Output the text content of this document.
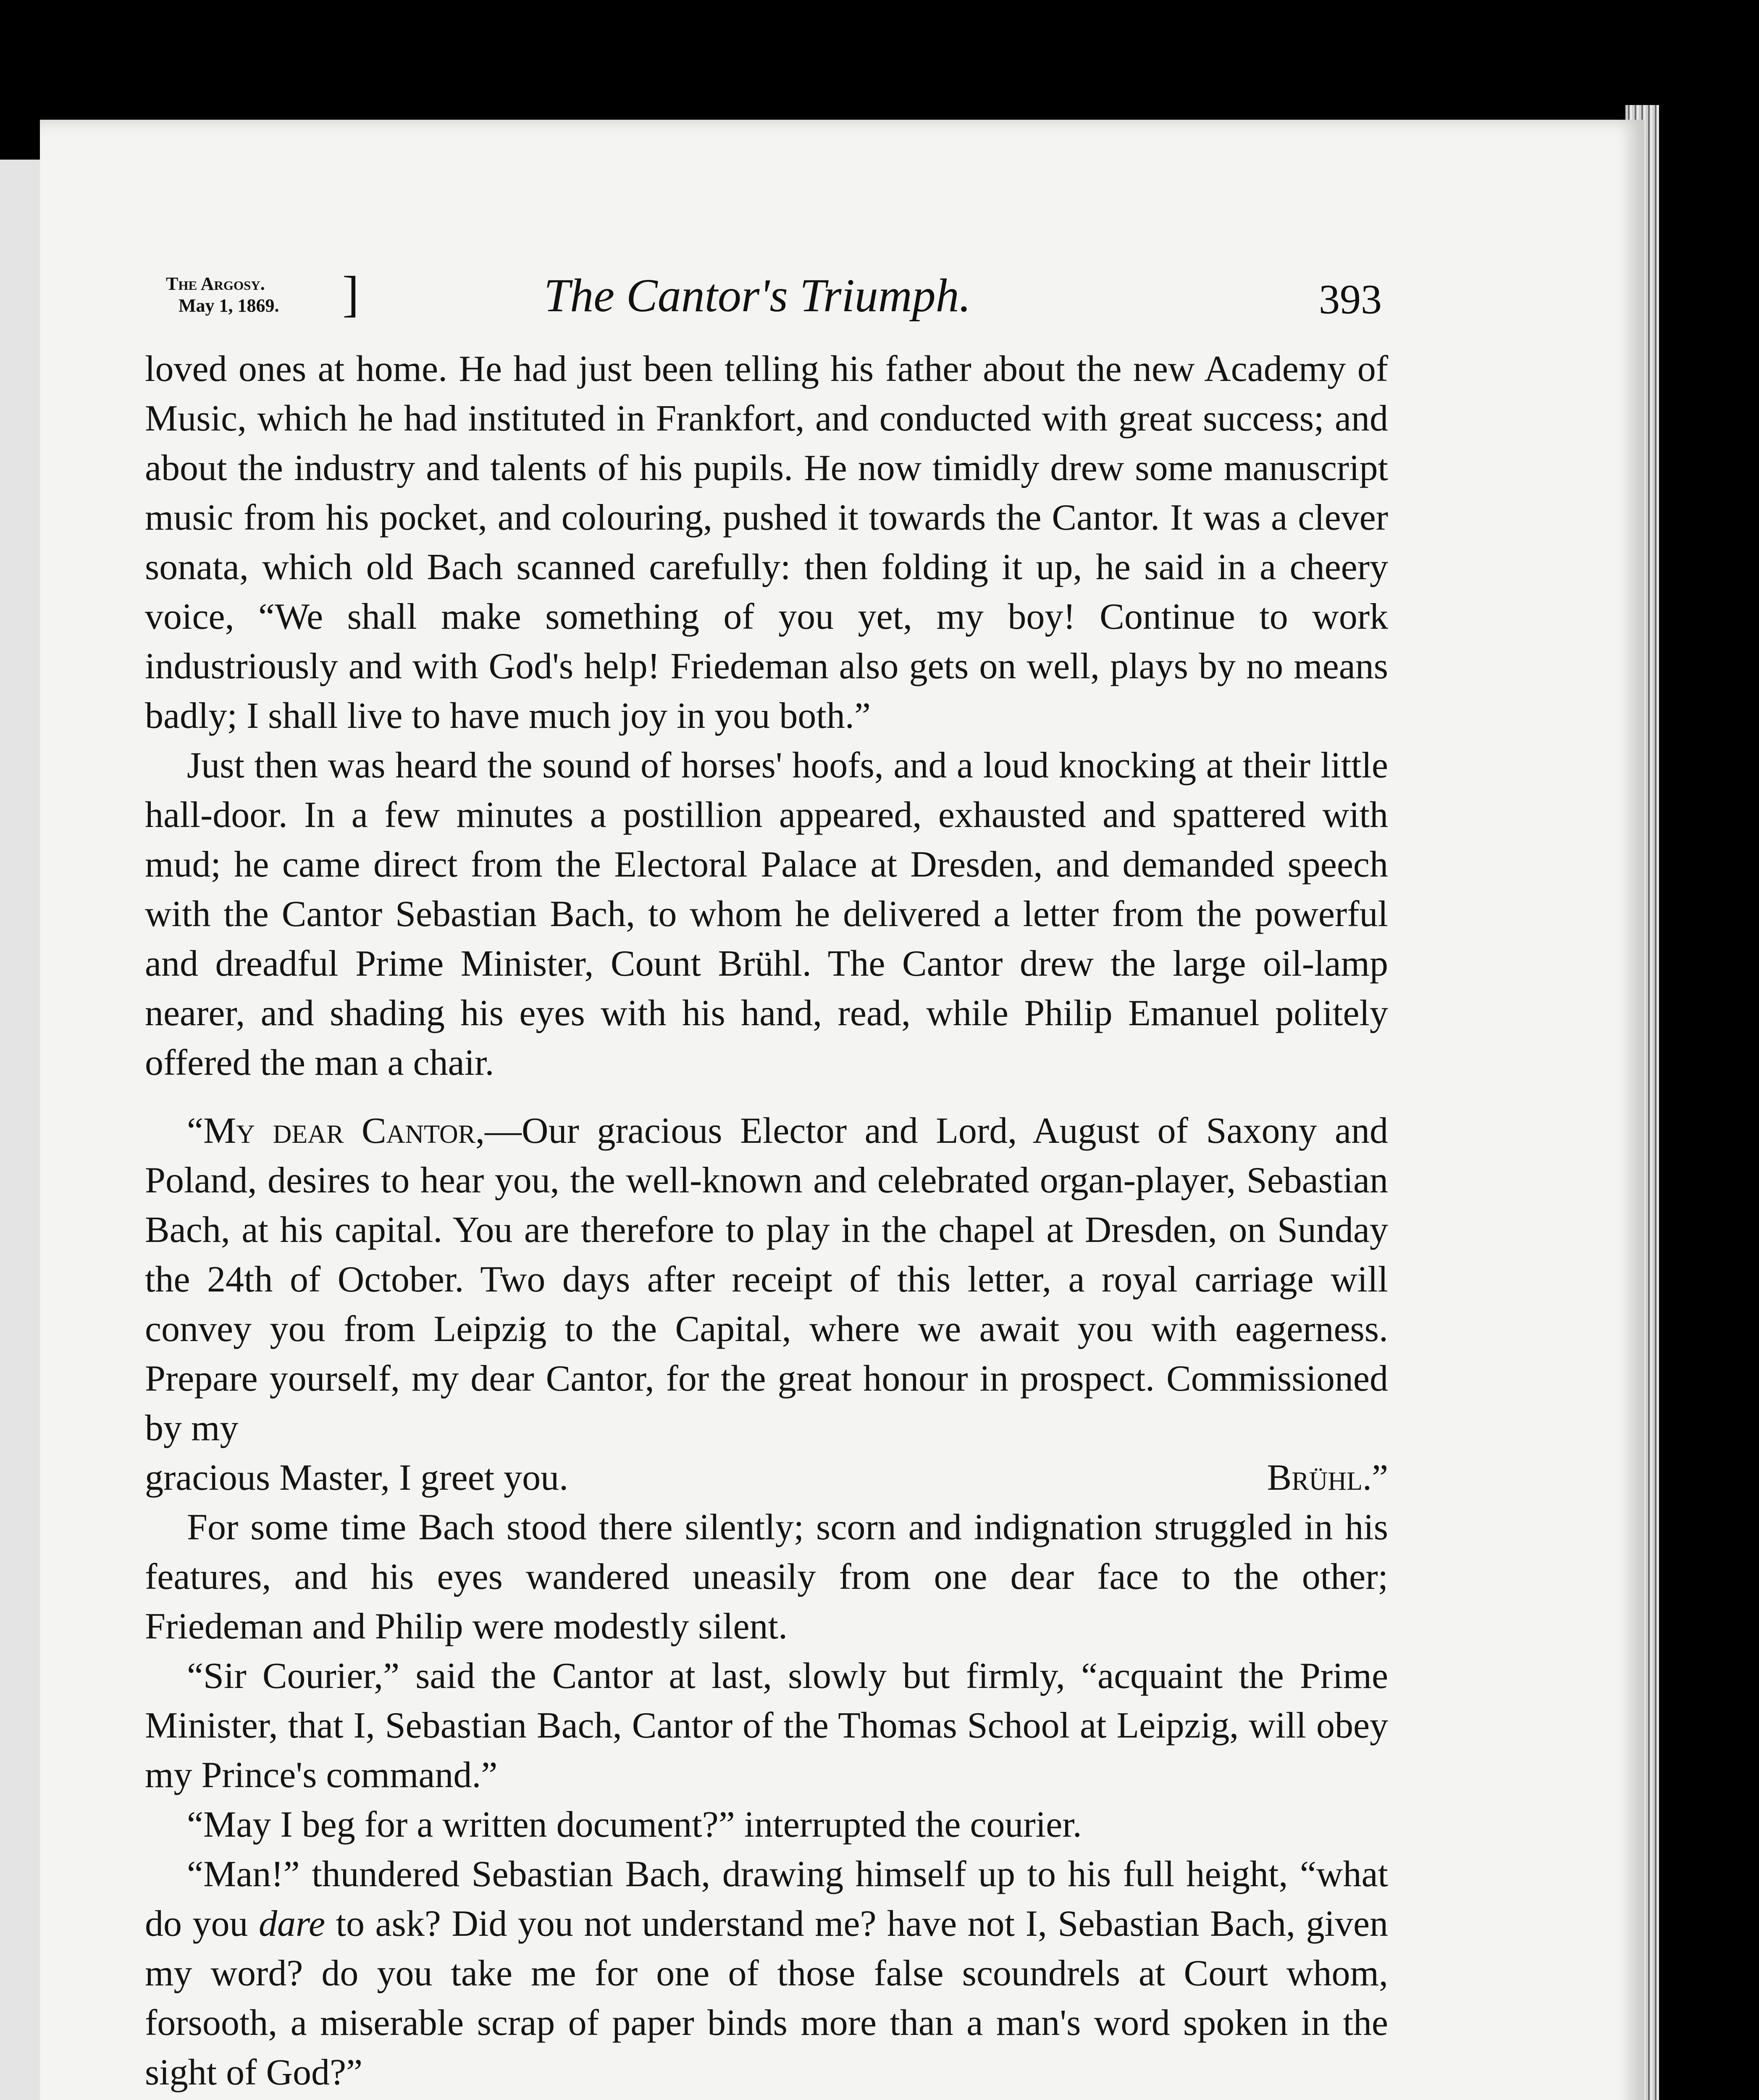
The Argosy.
May 1, 1869.	]	The Cantor's Triumph.	393

loved ones at home. He had just been telling his father about the new Academy of Music, which he had instituted in Frankfort, and conducted with great success; and about the industry and talents of his pupils. He now timidly drew some manuscript music from his pocket, and colouring, pushed it towards the Cantor. It was a clever sonata, which old Bach scanned carefully: then folding it up, he said in a cheery voice, “We shall make something of you yet, my boy! Continue to work industriously and with God's help! Friedeman also gets on well, plays by no means badly; I shall live to have much joy in you both.”

Just then was heard the sound of horses' hoofs, and a loud knocking at their little hall-door. In a few minutes a postillion appeared, exhausted and spattered with mud; he came direct from the Electoral Palace at Dresden, and demanded speech with the Cantor Sebastian Bach, to whom he delivered a letter from the powerful and dreadful Prime Minister, Count Brühl. The Cantor drew the large oil-lamp nearer, and shading his eyes with his hand, read, while Philip Emanuel politely offered the man a chair.

“My dear Cantor,—Our gracious Elector and Lord, August of Saxony and Poland, desires to hear you, the well-known and celebrated organ-player, Sebastian Bach, at his capital. You are therefore to play in the chapel at Dresden, on Sunday the 24th of October. Two days after receipt of this letter, a royal carriage will convey you from Leipzig to the Capital, where we await you with eagerness. Prepare yourself, my dear Cantor, for the great honour in prospect. Commissioned by my

gracious Master, I greet you.	Brühl.”

For some time Bach stood there silently; scorn and indignation struggled in his features, and his eyes wandered uneasily from one dear face to the other; Friedeman and Philip were modestly silent.

“Sir Courier,” said the Cantor at last, slowly but firmly, “acquaint the Prime Minister, that I, Sebastian Bach, Cantor of the Thomas School at Leipzig, will obey my Prince's command.”

“May I beg for a written document?” interrupted the courier.

“Man!” thundered Sebastian Bach, drawing himself up to his full height, “what do you dare to ask? Did you not understand me? have not I, Sebastian Bach, given my word? do you take me for one of those false scoundrels at Court whom, forsooth, a miserable scrap of paper binds more than a man's word spoken in the sight of God?”
